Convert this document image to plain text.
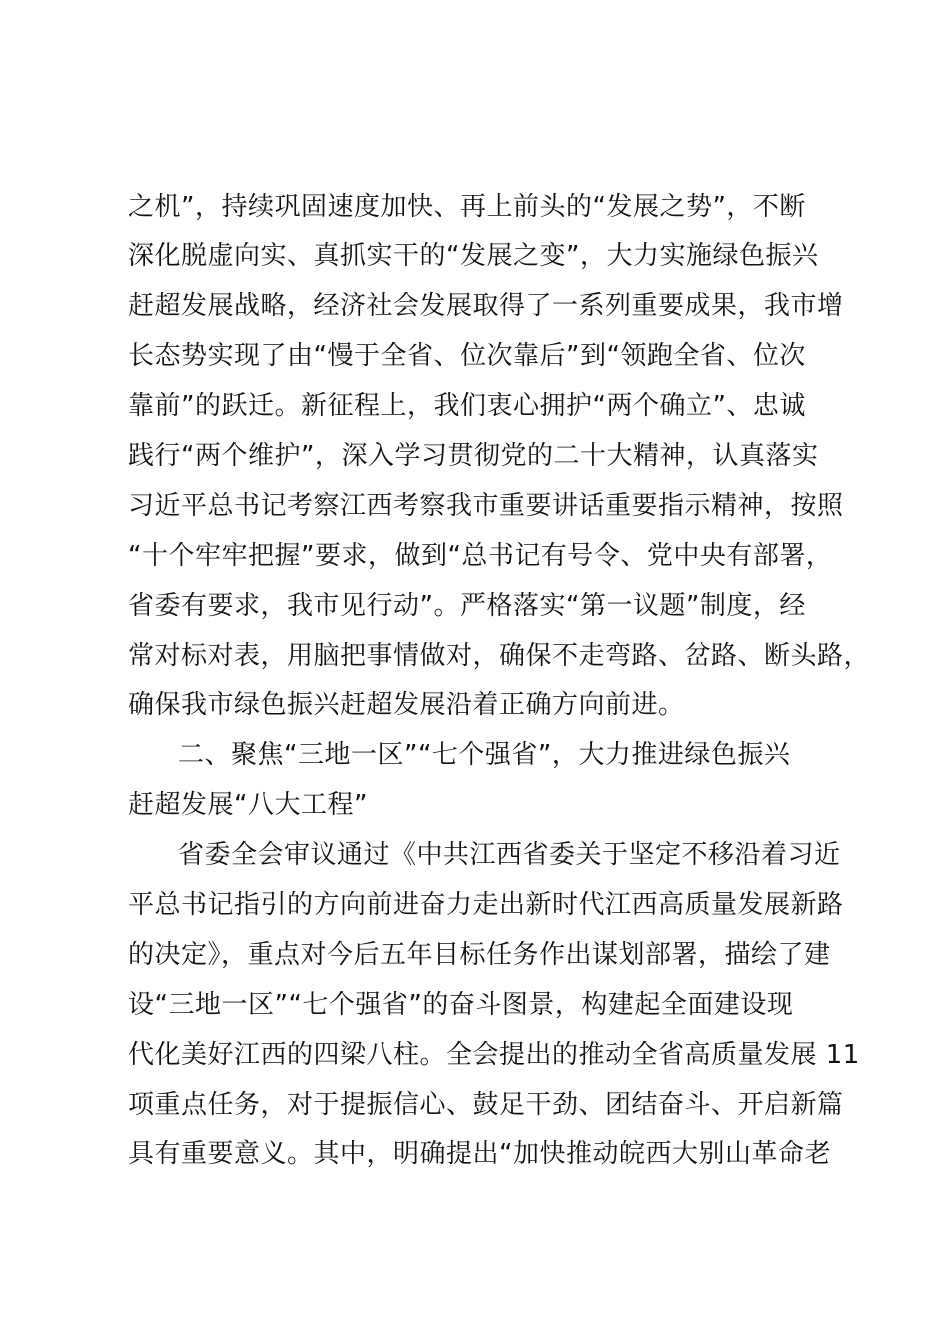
之机”，持续巩固速度加快、再上前头的“发展之势”，不断
深化脱虚向实、真抓实干的“发展之变”，大力实施绿色振兴
赶超发展战略，经济社会发展取得了一系列重要成果，我市增
长态势实现了由“慢于全省、位次靠后”到“领跑全省、位次
靠前”的跃迁。新征程上，我们衷心拥护“两个确立”、忠诚
践行“两个维护”，深入学习贯彻党的二十大精神，认真落实
习近平总书记考察江西考察我市重要讲话重要指示精神，按照
“十个牢牢把握”要求，做到“总书记有号令、党中央有部署，
省委有要求，我市见行动”。严格落实“第一议题”制度，经
常对标对表，用脑把事情做对，确保不走弯路、岔路、断头路，
确保我市绿色振兴赶超发展沿着正确方向前进。
二、聚焦“三地一区”“七个强省”，大力推进绿色振兴
赶超发展“八大工程”
省委全会审议通过《中共江西省委关于坚定不移沿着习近
平总书记指引的方向前进奋力走出新时代江西高质量发展新路
的决定》，重点对今后五年目标任务作出谋划部署，描绘了建
设“三地一区”“七个强省”的奋斗图景，构建起全面建设现
代化美好江西的四梁八柱。全会提出的推动全省高质量发展 11
项重点任务，对于提振信心、鼓足干劲、团结奋斗、开启新篇
具有重要意义。其中，明确提出“加快推动皖西大别山革命老
